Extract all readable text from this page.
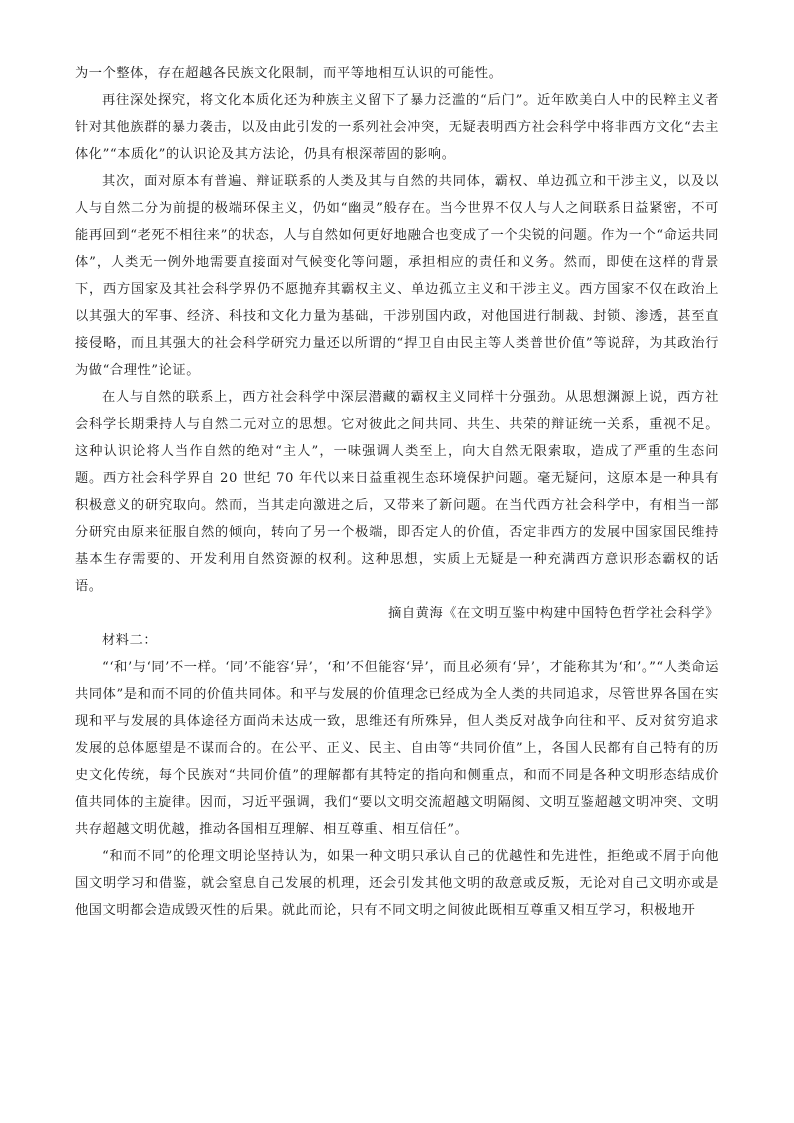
为一个整体，存在超越各民族文化限制，而平等地相互认识的可能性。

再往深处探究，将文化本质化还为种族主义留下了暴力泛滥的“后门”。近年欧美白人中的民粹主义者针对其他族群的暴力袭击，以及由此引发的一系列社会冲突，无疑表明西方社会科学中将非西方文化“去主体化”“本质化”的认识论及其方法论，仍具有根深蒂固的影响。

其次，面对原本有普遍、辩证联系的人类及其与自然的共同体，霸权、单边孤立和干涉主义，以及以人与自然二分为前提的极端环保主义，仍如“幽灵”般存在。当今世界不仅人与人之间联系日益紧密，不可能再回到“老死不相往来”的状态，人与自然如何更好地融合也变成了一个尖锐的问题。作为一个“命运共同体”，人类无一例外地需要直接面对气候变化等问题，承担相应的责任和义务。然而，即使在这样的背景下，西方国家及其社会科学界仍不愿抛弃其霸权主义、单边孤立主义和干涉主义。西方国家不仅在政治上以其强大的军事、经济、科技和文化力量为基础，干涉别国内政，对他国进行制裁、封锁、渗透，甚至直接侵略，而且其强大的社会科学研究力量还以所谓的“捍卫自由民主等人类普世价值”等说辞，为其政治行为做“合理性”论证。

在人与自然的联系上，西方社会科学中深层潜藏的霸权主义同样十分强劲。从思想渊源上说，西方社会科学长期秉持人与自然二元对立的思想。它对彼此之间共同、共生、共荣的辩证统一关系，重视不足。这种认识论将人当作自然的绝对“主人”，一味强调人类至上，向大自然无限索取，造成了严重的生态问题。西方社会科学界自 20 世纪 70 年代以来日益重视生态环境保护问题。毫无疑问，这原本是一种具有积极意义的研究取向。然而，当其走向激进之后，又带来了新问题。在当代西方社会科学中，有相当一部分研究由原来征服自然的倾向，转向了另一个极端，即否定人的价值，否定非西方的发展中国家国民维持基本生存需要的、开发利用自然资源的权利。这种思想，实质上无疑是一种充满西方意识形态霸权的话语。

摘自黄海《在文明互鉴中构建中国特色哲学社会科学》

材料二：

“‘和’与‘同’不一样。‘同’不能容‘异’，‘和’不但能容‘异’，而且必须有‘异’，才能称其为‘和’。”“人类命运共同体”是和而不同的价值共同体。和平与发展的价值理念已经成为全人类的共同追求，尽管世界各国在实现和平与发展的具体途径方面尚未达成一致，思维还有所殊异，但人类反对战争向往和平、反对贫穷追求发展的总体愿望是不谋而合的。在公平、正义、民主、自由等“共同价值”上，各国人民都有自己特有的历史文化传统，每个民族对“共同价值”的理解都有其特定的指向和侧重点，和而不同是各种文明形态结成价值共同体的主旋律。因而，习近平强调，我们“要以文明交流超越文明隔阂、文明互鉴超越文明冲突、文明共存超越文明优越，推动各国相互理解、相互尊重、相互信任”。

“和而不同”的伦理文明论坚持认为，如果一种文明只承认自己的优越性和先进性，拒绝或不屑于向他国文明学习和借鉴，就会窒息自己发展的机理，还会引发其他文明的敌意或反叛，无论对自己文明亦或是他国文明都会造成毁灭性的后果。就此而论，只有不同文明之间彼此既相互尊重又相互学习，积极地开
